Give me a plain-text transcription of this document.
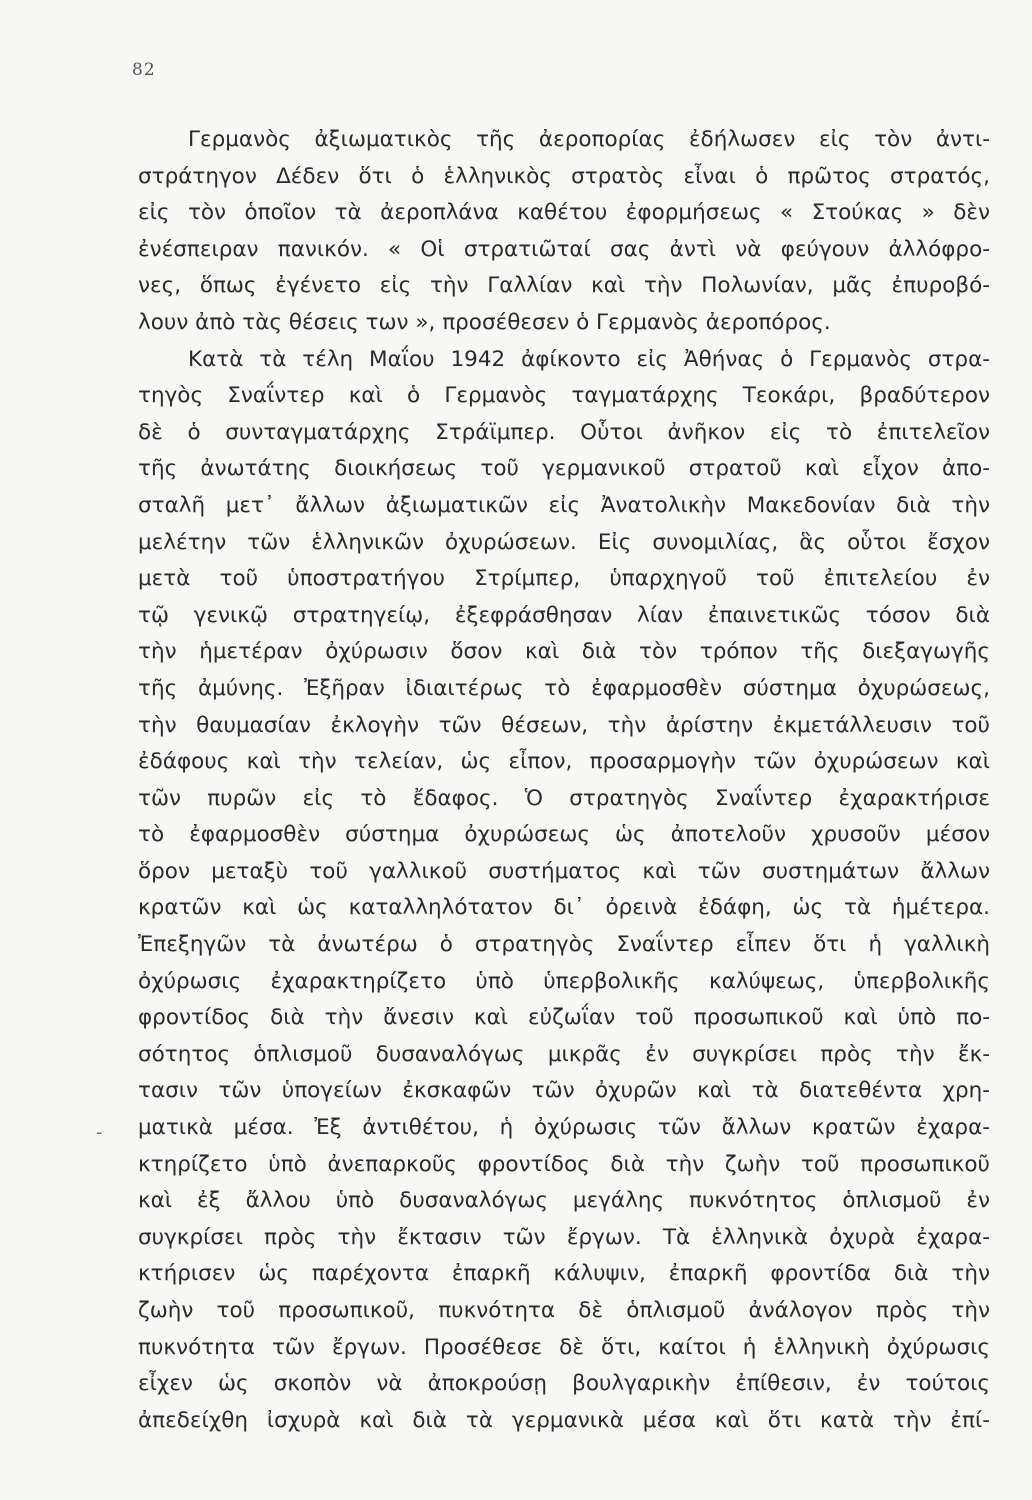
82
Γερμανὸς ἀξιωματικὸς τῆς ἀεροπορίας ἐδήλωσεν εἰς τὸν ἀντι-
στράτηγον Δέδεν ὅτι ὁ ἑλληνικὸς στρατὸς εἶναι ὁ πρῶτος στρατός,
εἰς τὸν ὁποῖον τὰ ἀεροπλάνα καθέτου ἐφορμήσεως « Στούκας » δὲν
ἐνέσπειραν πανικόν. « Οἱ στρατιῶταί σας ἀντὶ νὰ φεύγουν ἀλλόφρο-
νες, ὅπως ἐγένετο εἰς τὴν Γαλλίαν καὶ τὴν Πολωνίαν, μᾶς ἐπυροβό-
λουν ἀπὸ τὰς θέσεις των », προσέθεσεν ὁ Γερμανὸς ἀεροπόρος.
Κατὰ τὰ τέλη Μαΐου 1942 ἀφίκοντο εἰς Ἀθήνας ὁ Γερμανὸς στρα-
τηγὸς Σναΐντερ καὶ ὁ Γερμανὸς ταγματάρχης Τεοκάρι, βραδύτερον
δὲ ὁ συνταγματάρχης Στράϊμπερ. Οὗτοι ἀνῆκον εἰς τὸ ἐπιτελεῖον
τῆς ἀνωτάτης διοικήσεως τοῦ γερμανικοῦ στρατοῦ καὶ εἶχον ἀπο-
σταλῆ μετ᾽ ἄλλων ἀξιωματικῶν εἰς Ἀνατολικὴν Μακεδονίαν διὰ τὴν
μελέτην τῶν ἑλληνικῶν ὀχυρώσεων. Εἰς συνομιλίας, ἃς οὗτοι ἔσχον
μετὰ τοῦ ὑποστρατήγου Στρίμπερ, ὑπαρχηγοῦ τοῦ ἐπιτελείου ἐν
τῷ γενικῷ στρατηγείῳ, ἐξεφράσθησαν λίαν ἐπαινετικῶς τόσον διὰ
τὴν ἡμετέραν ὀχύρωσιν ὅσον καὶ διὰ τὸν τρόπον τῆς διεξαγωγῆς
τῆς ἀμύνης. Ἐξῆραν ἰδιαιτέρως τὸ ἐφαρμοσθὲν σύστημα ὀχυρώσεως,
τὴν θαυμασίαν ἐκλογὴν τῶν θέσεων, τὴν ἀρίστην ἐκμετάλλευσιν τοῦ
ἐδάφους καὶ τὴν τελείαν, ὡς εἶπον, προσαρμογὴν τῶν ὀχυρώσεων καὶ
τῶν πυρῶν εἰς τὸ ἔδαφος. Ὁ στρατηγὸς Σναΐντερ ἐχαρακτήρισε
τὸ ἐφαρμοσθὲν σύστημα ὀχυρώσεως ὡς ἀποτελοῦν χρυσοῦν μέσον
ὅρον μεταξὺ τοῦ γαλλικοῦ συστήματος καὶ τῶν συστημάτων ἄλλων
κρατῶν καὶ ὡς καταλληλότατον δι᾽ ὀρεινὰ ἐδάφη, ὡς τὰ ἡμέτερα.
Ἐπεξηγῶν τὰ ἀνωτέρω ὁ στρατηγὸς Σναΐντερ εἶπεν ὅτι ἡ γαλλικὴ
ὀχύρωσις ἐχαρακτηρίζετο ὑπὸ ὑπερβολικῆς καλύψεως, ὑπερβολικῆς
φροντίδος διὰ τὴν ἄνεσιν καὶ εὐζωΐαν τοῦ προσωπικοῦ καὶ ὑπὸ πο-
σότητος ὁπλισμοῦ δυσαναλόγως μικρᾶς ἐν συγκρίσει πρὸς τὴν ἔκ-
τασιν τῶν ὑπογείων ἐκσκαφῶν τῶν ὀχυρῶν καὶ τὰ διατεθέντα χρη-
ματικὰ μέσα. Ἐξ ἀντιθέτου, ἡ ὀχύρωσις τῶν ἄλλων κρατῶν ἐχαρα-
κτηρίζετο ὑπὸ ἀνεπαρκοῦς φροντίδος διὰ τὴν ζωὴν τοῦ προσωπικοῦ
καὶ ἐξ ἄλλου ὑπὸ δυσαναλόγως μεγάλης πυκνότητος ὁπλισμοῦ ἐν
συγκρίσει πρὸς τὴν ἔκτασιν τῶν ἔργων. Τὰ ἑλληνικὰ ὀχυρὰ ἐχαρα-
κτήρισεν ὡς παρέχοντα ἐπαρκῆ κάλυψιν, ἐπαρκῆ φροντίδα διὰ τὴν
ζωὴν τοῦ προσωπικοῦ, πυκνότητα δὲ ὁπλισμοῦ ἀνάλογον πρὸς τὴν
πυκνότητα τῶν ἔργων. Προσέθεσε δὲ ὅτι, καίτοι ἡ ἑλληνικὴ ὀχύρωσις
εἶχεν ὡς σκοπὸν νὰ ἀποκρούσῃ βουλγαρικὴν ἐπίθεσιν, ἐν τούτοις
ἀπεδείχθη ἰσχυρὰ καὶ διὰ τὰ γερμανικὰ μέσα καὶ ὅτι κατὰ τὴν ἐπί-
-
